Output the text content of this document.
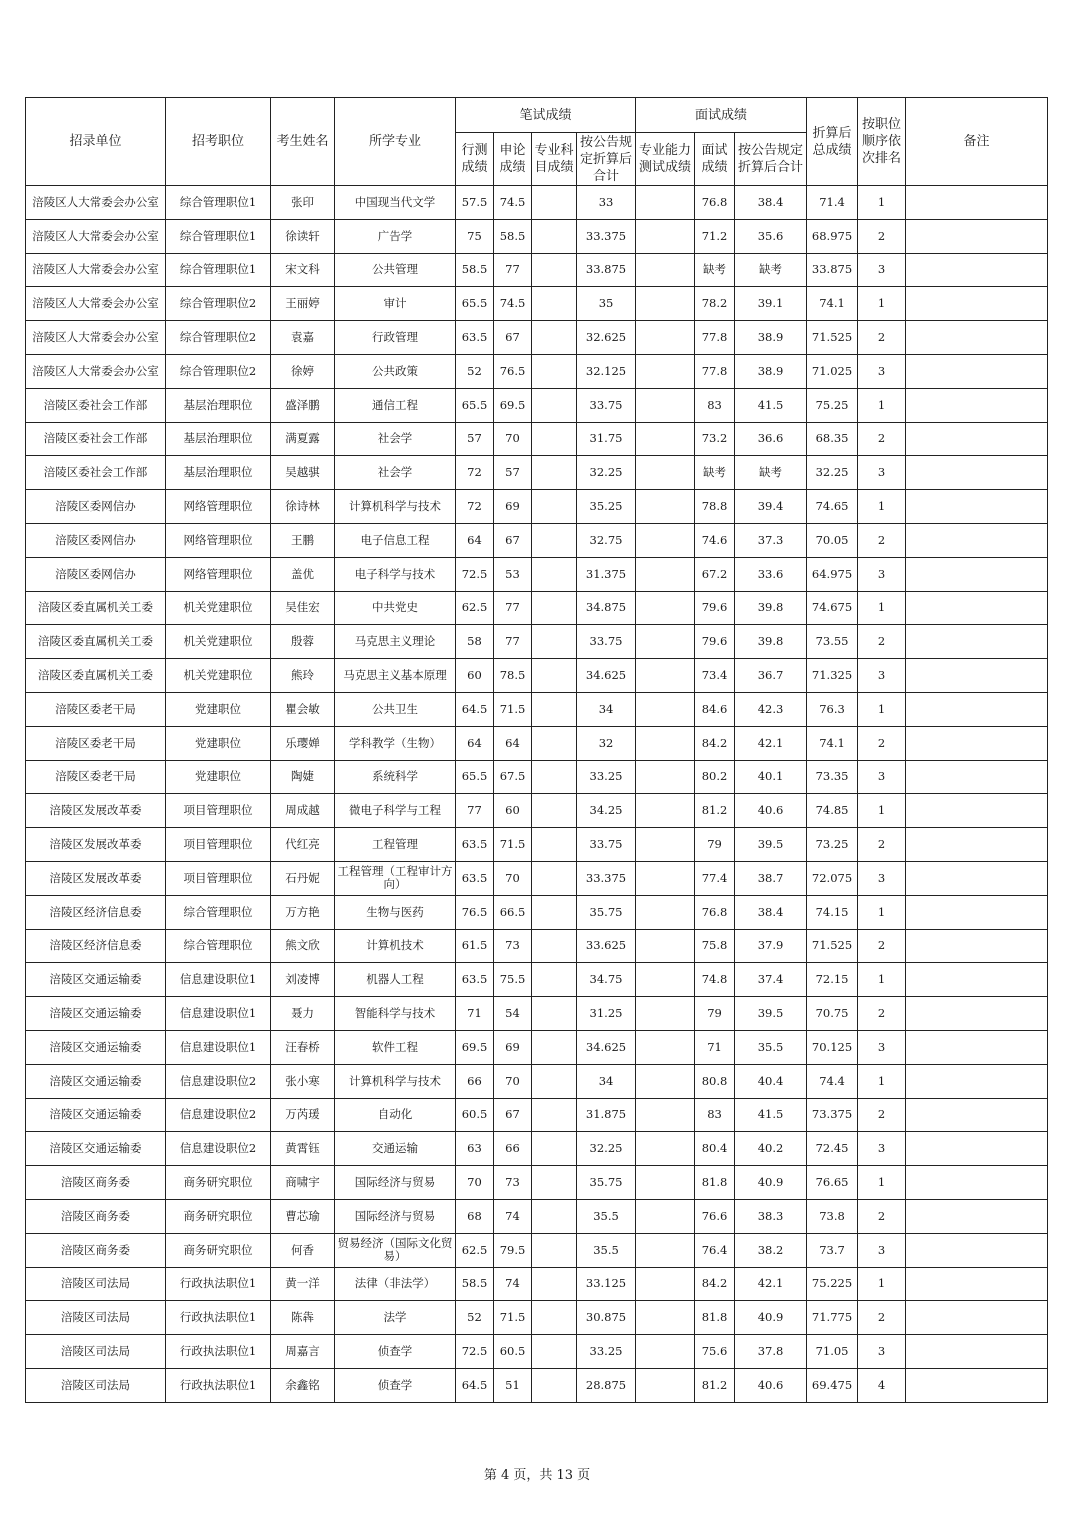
招录单位	招考职位	考生姓名	所学专业	笔试成绩				面试成绩			折算后总成绩	按职位顺序依次排名	备注
				行测成绩	申论成绩	专业科目成绩	按公告规定折算后合计	专业能力测试成绩	面试成绩	按公告规定折算后合计			
涪陵区人大常委会办公室	综合管理职位1	张印	中国现当代文学	57.5	74.5		33		76.8	38.4	71.4	1	
涪陵区人大常委会办公室	综合管理职位1	徐读轩	广告学	75	58.5		33.375		71.2	35.6	68.975	2	
涪陵区人大常委会办公室	综合管理职位1	宋文科	公共管理	58.5	77		33.875		缺考	缺考	33.875	3	
涪陵区人大常委会办公室	综合管理职位2	王丽婷	审计	65.5	74.5		35		78.2	39.1	74.1	1	
涪陵区人大常委会办公室	综合管理职位2	袁嘉	行政管理	63.5	67		32.625		77.8	38.9	71.525	2	
涪陵区人大常委会办公室	综合管理职位2	徐婷	公共政策	52	76.5		32.125		77.8	38.9	71.025	3	
涪陵区委社会工作部	基层治理职位	盛泽鹏	通信工程	65.5	69.5		33.75		83	41.5	75.25	1	
涪陵区委社会工作部	基层治理职位	满夏露	社会学	57	70		31.75		73.2	36.6	68.35	2	
涪陵区委社会工作部	基层治理职位	吴越骐	社会学	72	57		32.25		缺考	缺考	32.25	3	
涪陵区委网信办	网络管理职位	徐诗林	计算机科学与技术	72	69		35.25		78.8	39.4	74.65	1	
涪陵区委网信办	网络管理职位	王鹏	电子信息工程	64	67		32.75		74.6	37.3	70.05	2	
涪陵区委网信办	网络管理职位	盖优	电子科学与技术	72.5	53		31.375		67.2	33.6	64.975	3	
涪陵区委直属机关工委	机关党建职位	吴佳宏	中共党史	62.5	77		34.875		79.6	39.8	74.675	1	
涪陵区委直属机关工委	机关党建职位	殷蓉	马克思主义理论	58	77		33.75		79.6	39.8	73.55	2	
涪陵区委直属机关工委	机关党建职位	熊玲	马克思主义基本原理	60	78.5		34.625		73.4	36.7	71.325	3	
涪陵区委老干局	党建职位	瞿会敏	公共卫生	64.5	71.5		34		84.6	42.3	76.3	1	
涪陵区委老干局	党建职位	乐璎婵	学科教学（生物）	64	64		32		84.2	42.1	74.1	2	
涪陵区委老干局	党建职位	陶婕	系统科学	65.5	67.5		33.25		80.2	40.1	73.35	3	
涪陵区发展改革委	项目管理职位	周成越	微电子科学与工程	77	60		34.25		81.2	40.6	74.85	1	
涪陵区发展改革委	项目管理职位	代红亮	工程管理	63.5	71.5		33.75		79	39.5	73.25	2	
涪陵区发展改革委	项目管理职位	石丹妮	工程管理（工程审计方向）	63.5	70		33.375		77.4	38.7	72.075	3	
涪陵区经济信息委	综合管理职位	万方艳	生物与医药	76.5	66.5		35.75		76.8	38.4	74.15	1	
涪陵区经济信息委	综合管理职位	熊文欣	计算机技术	61.5	73		33.625		75.8	37.9	71.525	2	
涪陵区交通运输委	信息建设职位1	刘凌博	机器人工程	63.5	75.5		34.75		74.8	37.4	72.15	1	
涪陵区交通运输委	信息建设职位1	聂力	智能科学与技术	71	54		31.25		79	39.5	70.75	2	
涪陵区交通运输委	信息建设职位1	汪春桥	软件工程	69.5	69		34.625		71	35.5	70.125	3	
涪陵区交通运输委	信息建设职位2	张小寒	计算机科学与技术	66	70		34		80.8	40.4	74.4	1	
涪陵区交通运输委	信息建设职位2	万芮瑗	自动化	60.5	67		31.875		83	41.5	73.375	2	
涪陵区交通运输委	信息建设职位2	黄霄钰	交通运输	63	66		32.25		80.4	40.2	72.45	3	
涪陵区商务委	商务研究职位	商啸宇	国际经济与贸易	70	73		35.75		81.8	40.9	76.65	1	
涪陵区商务委	商务研究职位	曹芯瑜	国际经济与贸易	68	74		35.5		76.6	38.3	73.8	2	
涪陵区商务委	商务研究职位	何香	贸易经济（国际文化贸易）	62.5	79.5		35.5		76.4	38.2	73.7	3	
涪陵区司法局	行政执法职位1	黄一洋	法律（非法学）	58.5	74		33.125		84.2	42.1	75.225	1	
涪陵区司法局	行政执法职位1	陈犇	法学	52	71.5		30.875		81.8	40.9	71.775	2	
涪陵区司法局	行政执法职位1	周嘉言	侦查学	72.5	60.5		33.25		75.6	37.8	71.05	3	
涪陵区司法局	行政执法职位1	余鑫铭	侦查学	64.5	51		28.875		81.2	40.6	69.475	4	
第 4 页，共 13 页
